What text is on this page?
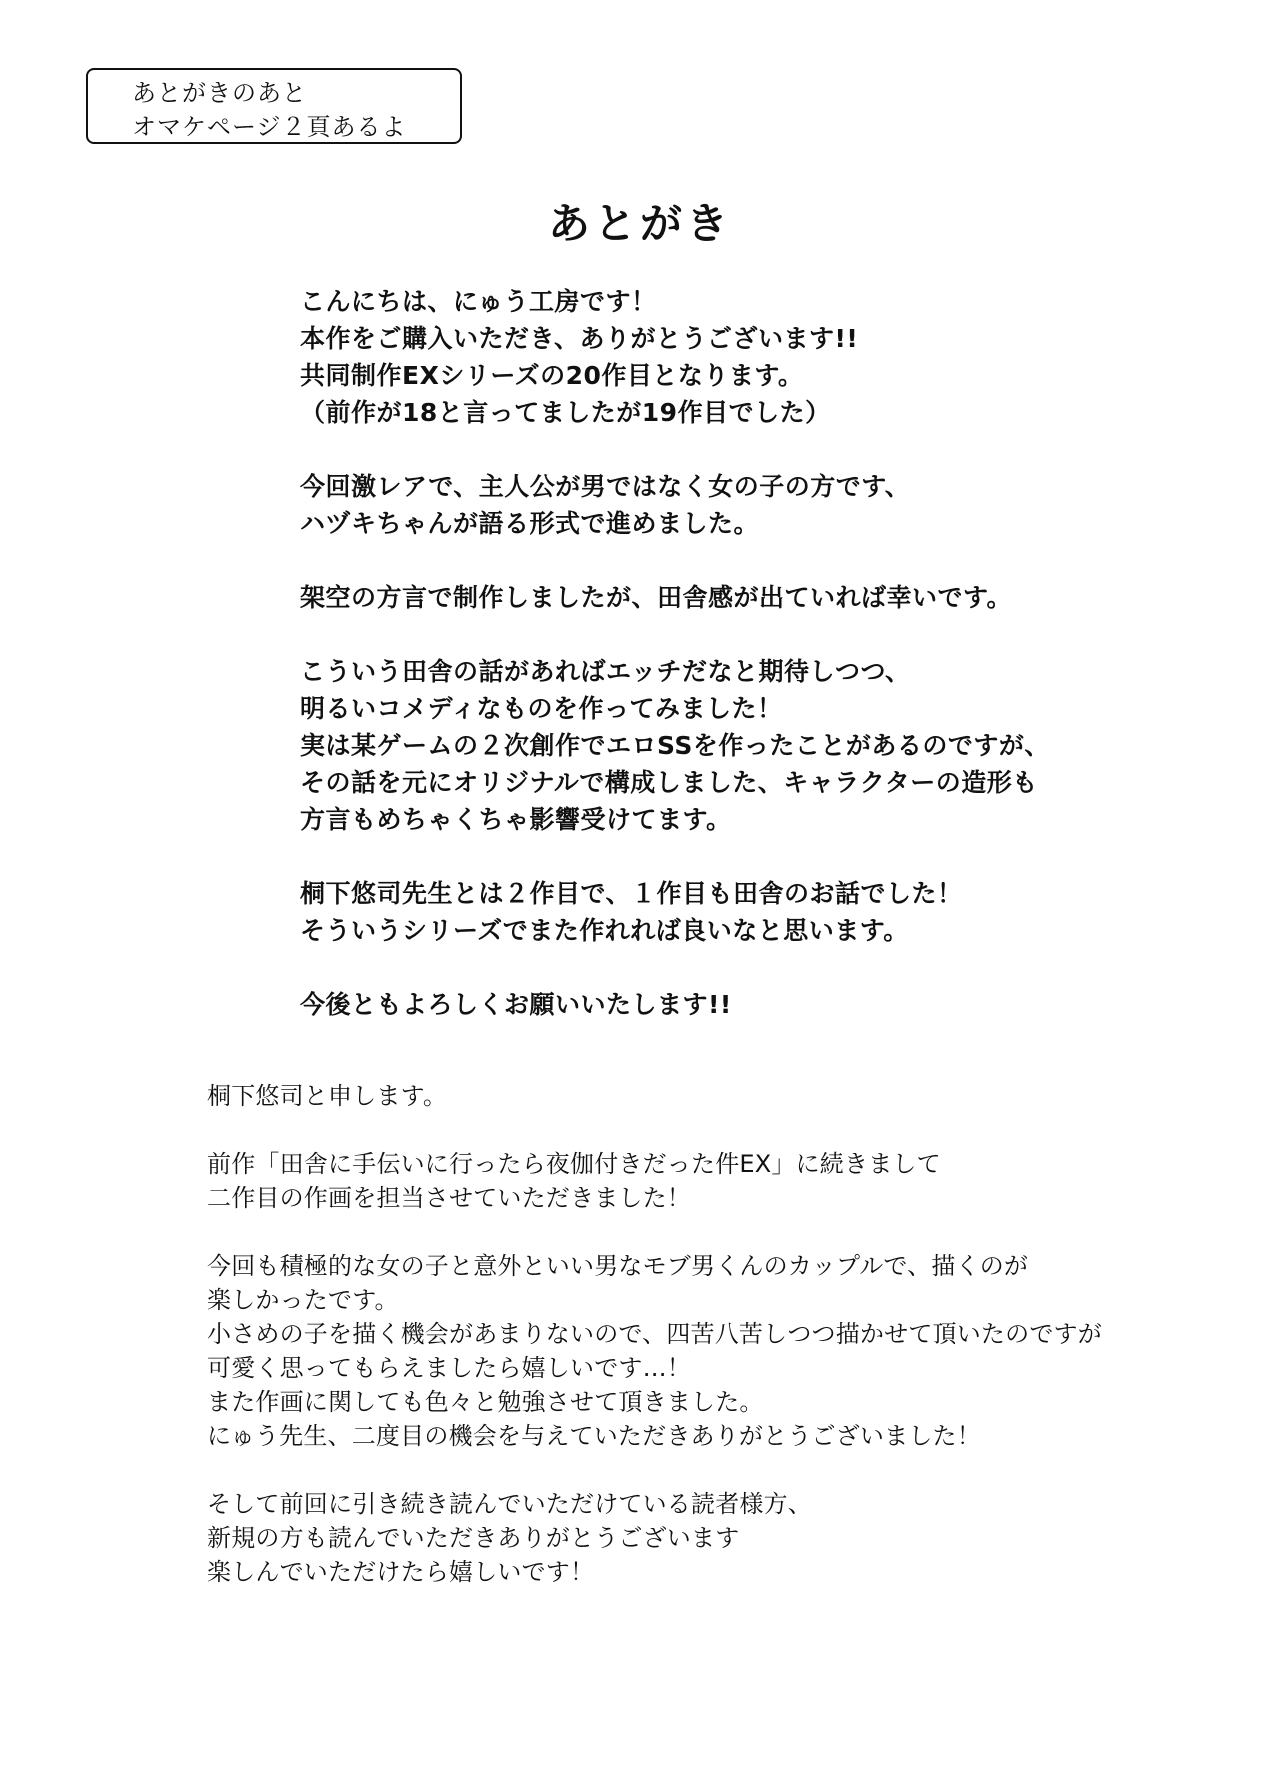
あとがきのあと
オマケページ２頁あるよ
あとがき
こんにちは、にゅう工房です！
本作をご購入いただき、ありがとうございます!!
共同制作EXシリーズの20作目となります。
（前作が18と言ってましたが19作目でした）
今回激レアで、主人公が男ではなく女の子の方です、
ハヅキちゃんが語る形式で進めました。
架空の方言で制作しましたが、田舎感が出ていれば幸いです。
こういう田舎の話があればエッチだなと期待しつつ、
明るいコメディなものを作ってみました！
実は某ゲームの２次創作でエロSSを作ったことがあるのですが、
その話を元にオリジナルで構成しました、キャラクターの造形も
方言もめちゃくちゃ影響受けてます。
桐下悠司先生とは２作目で、１作目も田舎のお話でした！
そういうシリーズでまた作れれば良いなと思います。
今後ともよろしくお願いいたします!!
桐下悠司と申します。
前作「田舎に手伝いに行ったら夜伽付きだった件EX」に続きまして
二作目の作画を担当させていただきました！
今回も積極的な女の子と意外といい男なモブ男くんのカップルで、描くのが
楽しかったです。
小さめの子を描く機会があまりないので、四苦八苦しつつ描かせて頂いたのですが
可愛く思ってもらえましたら嬉しいです…！
また作画に関しても色々と勉強させて頂きました。
にゅう先生、二度目の機会を与えていただきありがとうございました！
そして前回に引き続き読んでいただけている読者様方、
新規の方も読んでいただきありがとうございます
楽しんでいただけたら嬉しいです！
